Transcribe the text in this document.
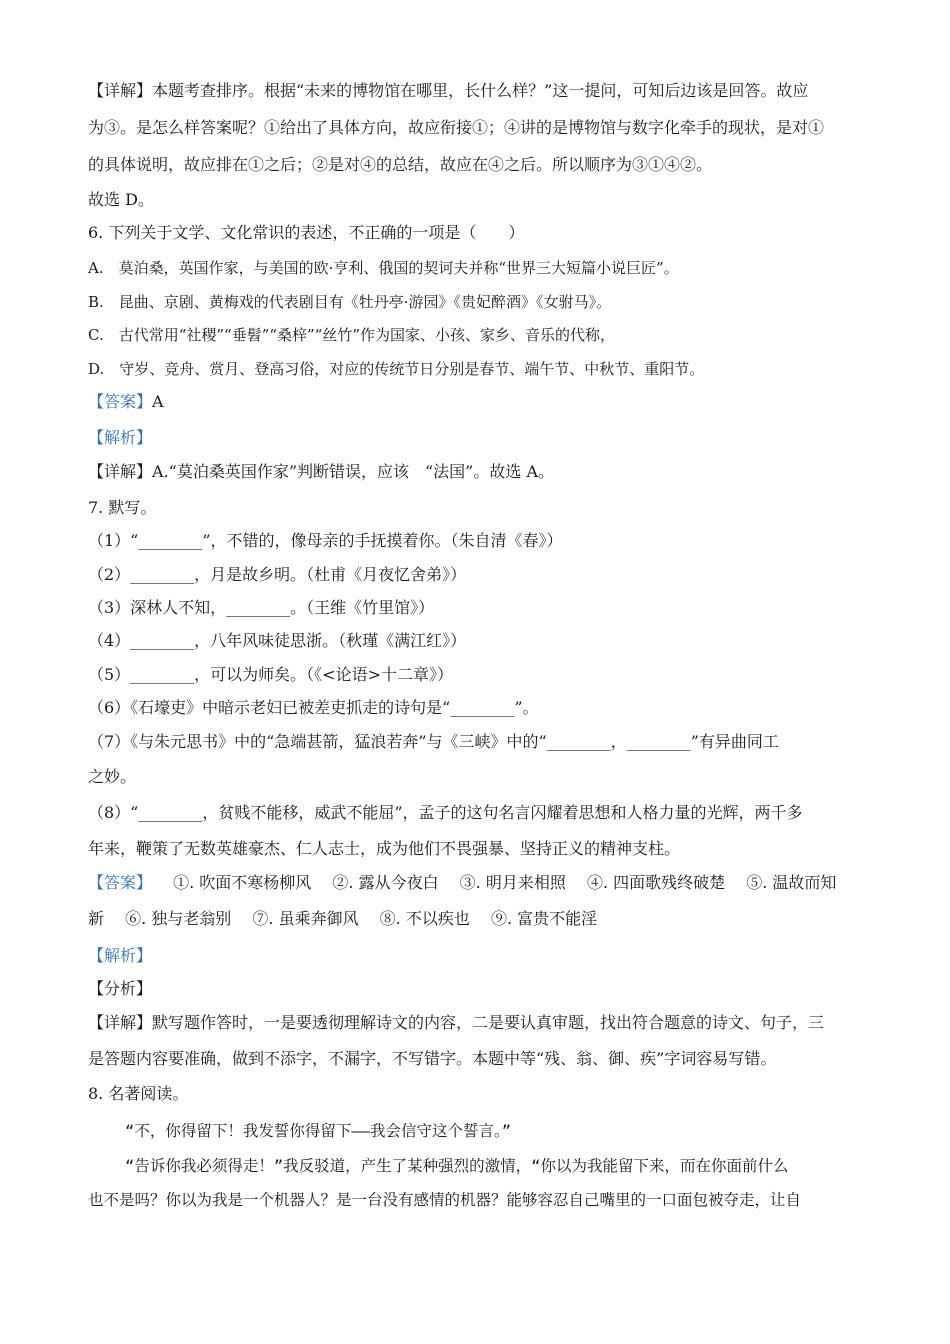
【详解】本题考查排序。根据“未来的博物馆在哪里，长什么样？”这一提问，可知后边该是回答。故应
为③。是怎么样答案呢？①给出了具体方向，故应衔接①；④讲的是博物馆与数字化牵手的现状，是对①
的具体说明，故应排在①之后；②是对④的总结，故应在④之后。所以顺序为③①④②。
故选 D。
6. 下列关于文学、文化常识的表述，不正确的一项是（　　）
A.　莫泊桑，英国作家，与美国的欧·亨利、俄国的契诃夫并称“世界三大短篇小说巨匠”。
B.　昆曲、京剧、黄梅戏的代表剧目有《牡丹亭·游园》《贵妃醉酒》《女驸马》。
C.　古代常用“社稷”“垂髫”“桑梓”“丝竹”作为国家、小孩、家乡、音乐的代称，
D.　守岁、竞舟、赏月、登高习俗，对应的传统节日分别是春节、端午节、中秋节、重阳节。
【答案】A
【解析】
【详解】A.“莫泊桑英国作家”判断错误，应该　“法国”。故选 A。
7. 默写。
（1）“________”，不错的，像母亲的手抚摸着你。（朱自清《春》）
（2）________，月是故乡明。（杜甫《月夜忆舍弟》）
（3）深林人不知，________。（王维《竹里馆》）
（4）________，八年风味徒思浙。（秋瑾《满江红》）
（5）________，可以为师矣。（《<论语>十二章》）
（6）《石壕吏》中暗示老妇已被差吏抓走的诗句是“________”。
（7）《与朱元思书》中的“急端甚箭，猛浪若奔”与《三峡》中的“________，________”有异曲同工
之妙。
（8）“________，贫贱不能移，威武不能屈”，孟子的这句名言闪耀着思想和人格力量的光辉，两千多
年来，鞭策了无数英雄豪杰、仁人志士，成为他们不畏强暴、坚持正义的精神支柱。
【答案】 ①. 吹面不寒杨柳风 ②. 露从今夜白 ③. 明月来相照 ④. 四面歌残终破楚 ⑤. 温故而知
新 ⑥. 独与老翁别 ⑦. 虽乘奔御风 ⑧. 不以疾也 ⑨. 富贵不能淫
【解析】
【分析】
【详解】默写题作答时，一是要透彻理解诗文的内容，二是要认真审题，找出符合题意的诗文、句子，三
是答题内容要准确，做到不添字，不漏字，不写错字。本题中等“残、翁、御、疾”字词容易写错。
8. 名著阅读。
“不，你得留下！我发誓你得留下——我会信守这个誓言。”
“告诉你我必须得走！”我反驳道，产生了某种强烈的激情，“你以为我能留下来，而在你面前什么
也不是吗？你以为我是一个机器人？是一台没有感情的机器？能够容忍自己嘴里的一口面包被夺走，让自
